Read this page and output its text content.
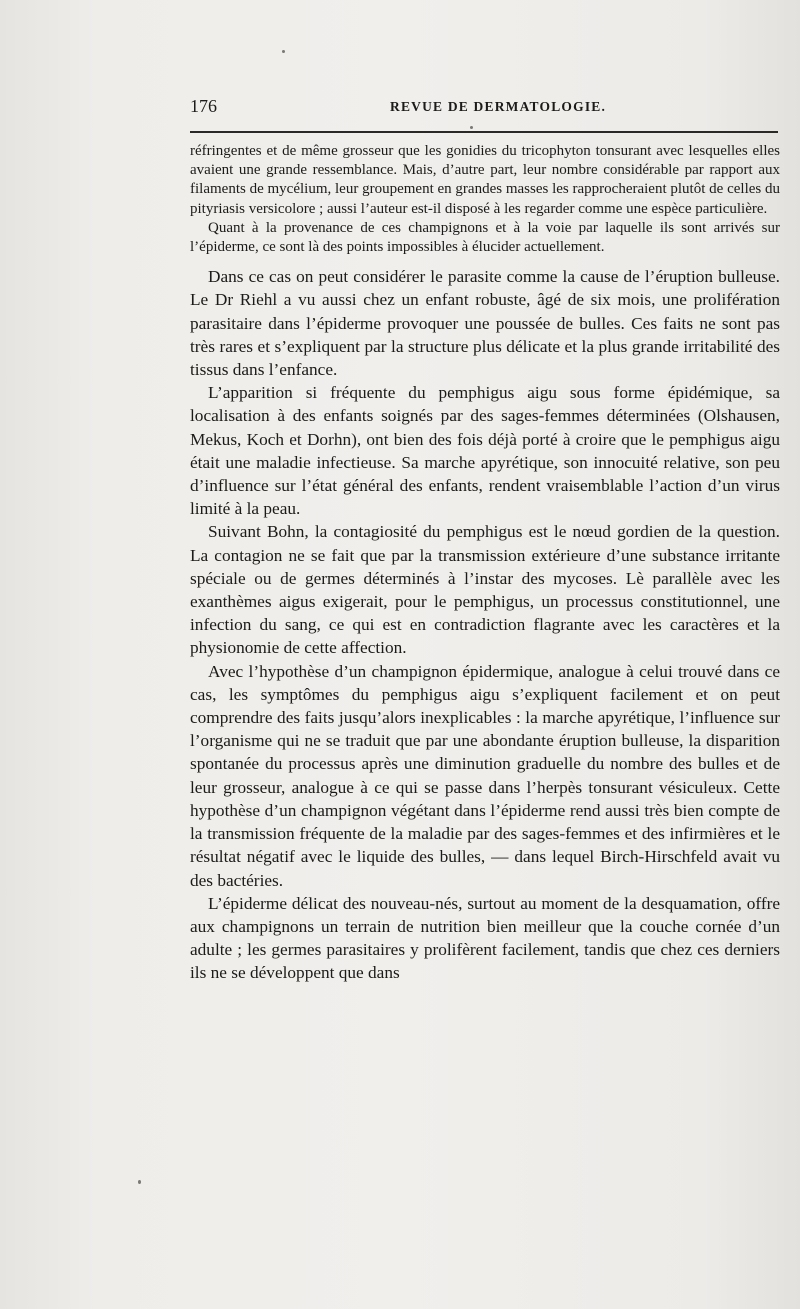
176	REVUE DE DERMATOLOGIE.

réfringentes et de même grosseur que les gonidies du tricophyton tonsurant avec lesquelles elles avaient une grande ressemblance. Mais, d’autre part, leur nombre considérable par rapport aux filaments de mycélium, leur groupement en grandes masses les rapprocheraient plutôt de celles du pityriasis versicolore ; aussi l’auteur est-il disposé à les regarder comme une espèce particulière.

Quant à la provenance de ces champignons et à la voie par laquelle ils sont arrivés sur l’épiderme, ce sont là des points impossibles à élucider actuellement.

Dans ce cas on peut considérer le parasite comme la cause de l’éruption bulleuse. Le Dr Riehl a vu aussi chez un enfant robuste, âgé de six mois, une prolifération parasitaire dans l’épiderme provoquer une poussée de bulles. Ces faits ne sont pas très rares et s’expliquent par la structure plus délicate et la plus grande irritabilité des tissus dans l’enfance.

L’apparition si fréquente du pemphigus aigu sous forme épidémique, sa localisation à des enfants soignés par des sages-femmes déterminées (Olshausen, Mekus, Koch et Dorhn), ont bien des fois déjà porté à croire que le pemphigus aigu était une maladie infectieuse. Sa marche apyrétique, son innocuité relative, son peu d’influence sur l’état général des enfants, rendent vraisemblable l’action d’un virus limité à la peau.

Suivant Bohn, la contagiosité du pemphigus est le nœud gordien de la question. La contagion ne se fait que par la transmission extérieure d’une substance irritante spéciale ou de germes déterminés à l’instar des mycoses. Lè parallèle avec les exanthèmes aigus exigerait, pour le pemphigus, un processus constitutionnel, une infection du sang, ce qui est en contradiction flagrante avec les caractères et la physionomie de cette affection.

Avec l’hypothèse d’un champignon épidermique, analogue à celui trouvé dans ce cas, les symptômes du pemphigus aigu s’expliquent facilement et on peut comprendre des faits jusqu’alors inexplicables : la marche apyrétique, l’influence sur l’organisme qui ne se traduit que par une abondante éruption bulleuse, la disparition spontanée du processus après une diminution graduelle du nombre des bulles et de leur grosseur, analogue à ce qui se passe dans l’herpès tonsurant vésiculeux. Cette hypothèse d’un champignon végétant dans l’épiderme rend aussi très bien compte de la transmission fréquente de la maladie par des sages-femmes et des infirmières et le résultat négatif avec le liquide des bulles, — dans lequel Birch-Hirschfeld avait vu des bactéries.

L’épiderme délicat des nouveau-nés, surtout au moment de la desquamation, offre aux champignons un terrain de nutrition bien meilleur que la couche cornée d’un adulte ; les germes parasitaires y prolifèrent facilement, tandis que chez ces derniers ils ne se développent que dans
